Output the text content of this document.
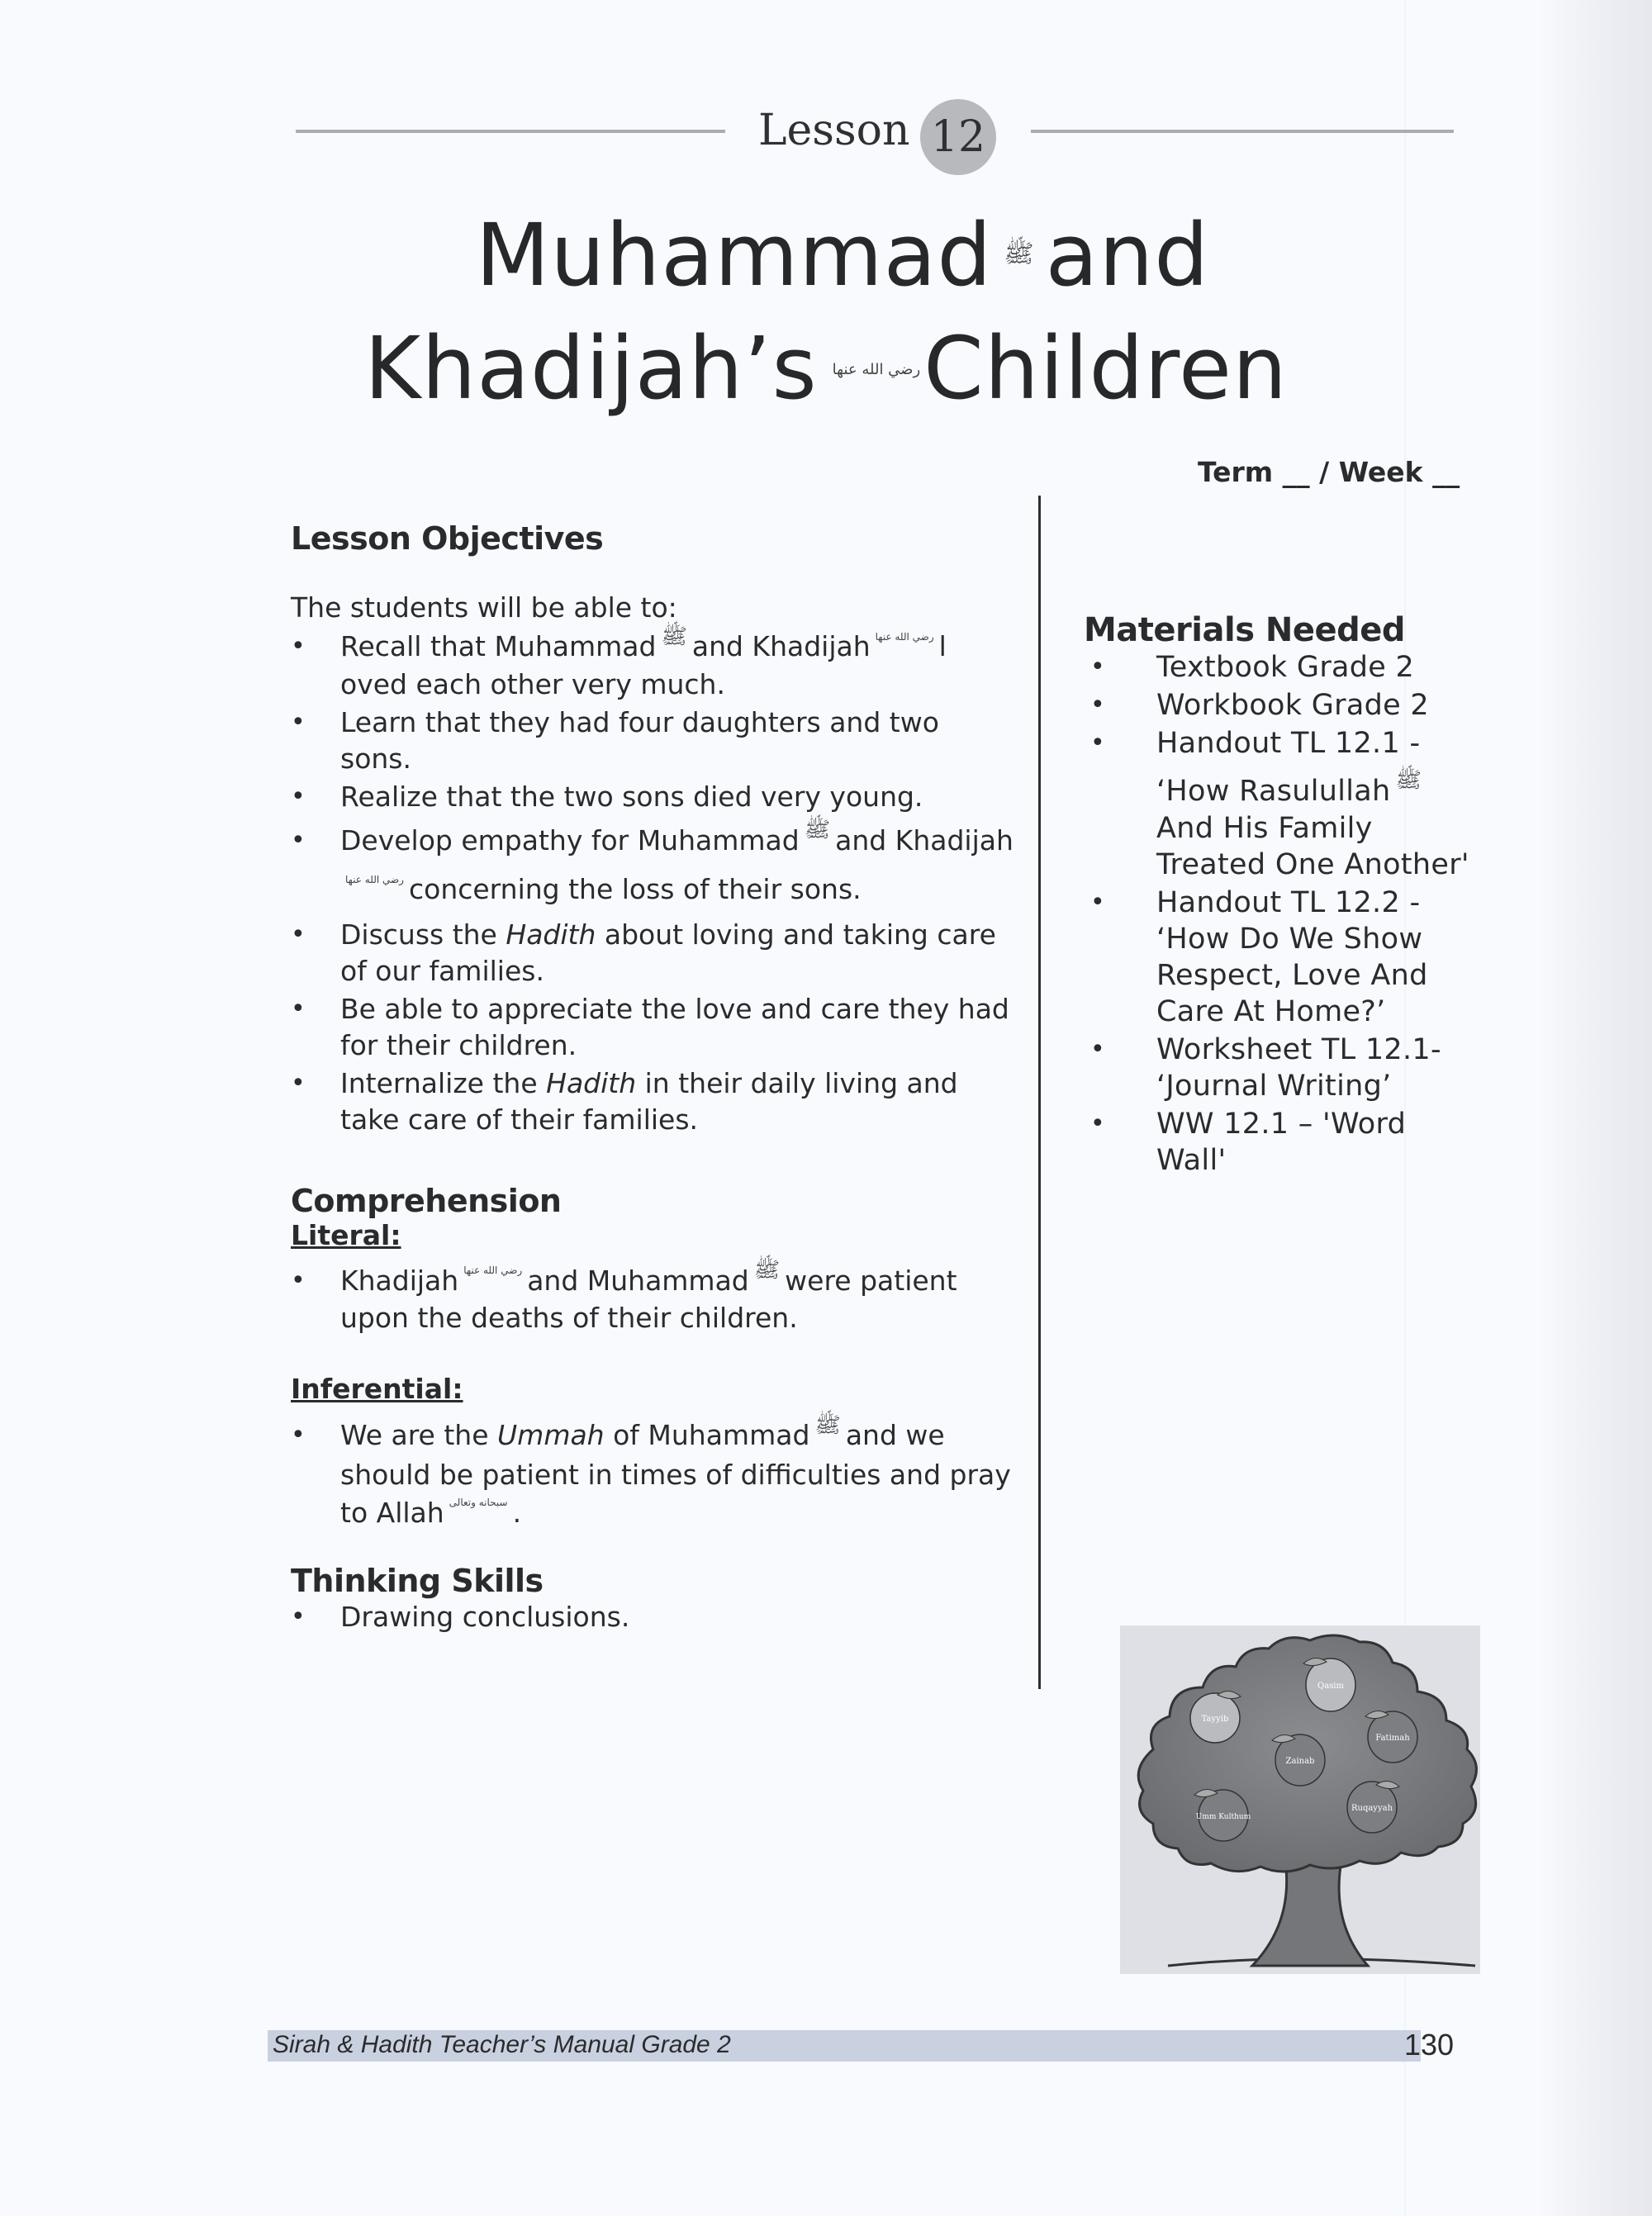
Lesson 12
Muhammad ﷺ and
Khadijah’s رضي الله عنهاChildren
Term __ / Week __
Lesson Objectives
The students will be able to:
• Recall that Muhammad ﷺ and Khadijah رضي الله عنها l
oved each other very much.
• Learn that they had four daughters and two sons.
• Realize that the two sons died very young.
• Develop empathy for Muhammad ﷺ and Khadijahرضي الله عنها concerning the loss of their sons.
• Discuss the Hadith about loving and taking care of our families.
• Be able to appreciate the love and care they had for their children.
• Internalize the Hadith in their daily living and take care of their families.
Comprehension
Literal:
• Khadijah رضي الله عنها and Muhammad ﷺ were patient upon the deaths of their children.
Inferential:
• We are the Ummah of Muhammad ﷺ and we should be patient in times of difficulties and pray to Allah سبحانه وتعالى .
Thinking Skills
• Drawing conclusions.
Materials Needed
• Textbook Grade 2
• Workbook Grade 2
• Handout TL 12.1 -
‘How Rasulullah ﷺ
And His Family Treated One Another'
• Handout TL 12.2 -
‘How Do We Show Respect, Love And Care At Home?’
• Worksheet TL 12.1-
‘Journal Writing’
• WW 12.1 – 'Word Wall'
Tayyib
Qasim
Fatimah
Zainab
Umm Kulthum
Ruqayyah
Sirah & Hadith Teacher’s Manual Grade 2	130
